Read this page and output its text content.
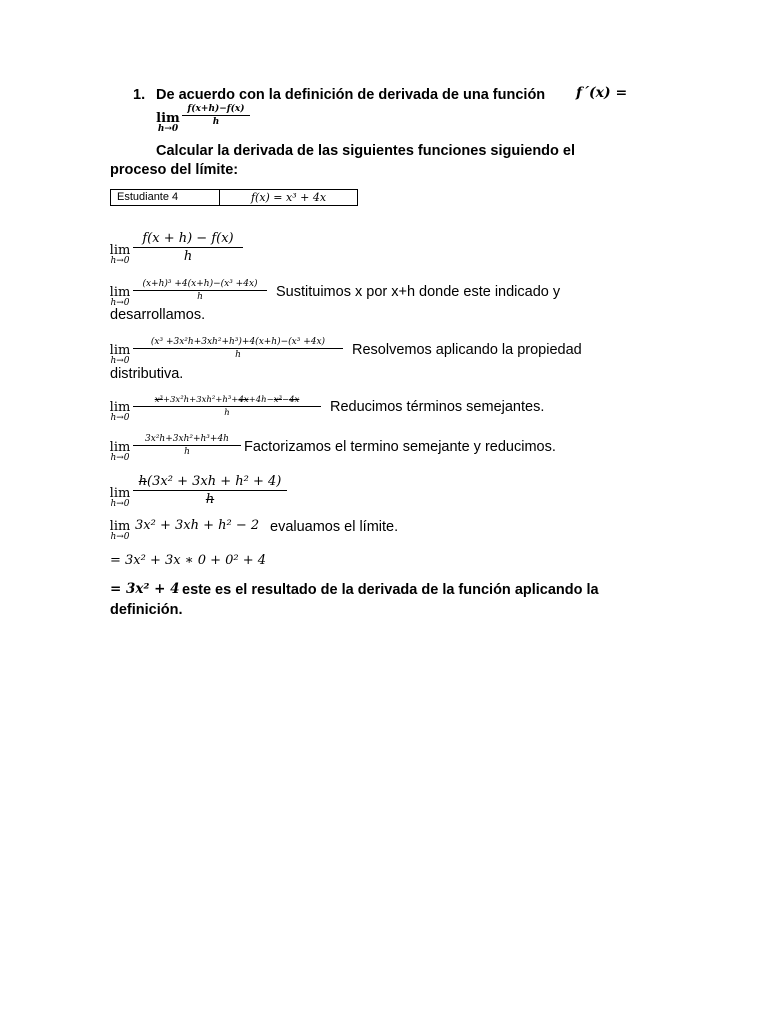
1. De acuerdo con la definición de derivada de una función f´(x) =
lim
h→0
f(x+h)−f(x)
h
Calcular la derivada de las siguientes funciones siguiendo el
proceso del límite:
Estudiante 4	f(x) = x³ + 4x
lim
h→0
f(x + h) − f(x)
h
lim
h→0
(x+h)³ +4(x+h)−(x³ +4x)
h	Sustituimos x por x+h donde este indicado y
desarrollamos.
lim
h→0
(x³ +3x²h+3xh²+h³)+4(x+h)−(x³ +4x)
h	Resolvemos aplicando la propiedad
distributiva.
lim
h→0
x³+3x²h+3xh²+h³+4x+4h−x³−4x
h	Reducimos términos semejantes.
lim
h→0
3x²h+3xh²+h³+4h
h	Factorizamos el termino semejante y reducimos.
lim
h→0
h(3x² + 3xh + h² + 4)
h
lim
h→0
3x² + 3xh + h² − 2 evaluamos el límite.
= 3x² + 3x ∗ 0 + 0² + 4
= 3x² + 4 este es el resultado de la derivada de la función aplicando la
definición.
